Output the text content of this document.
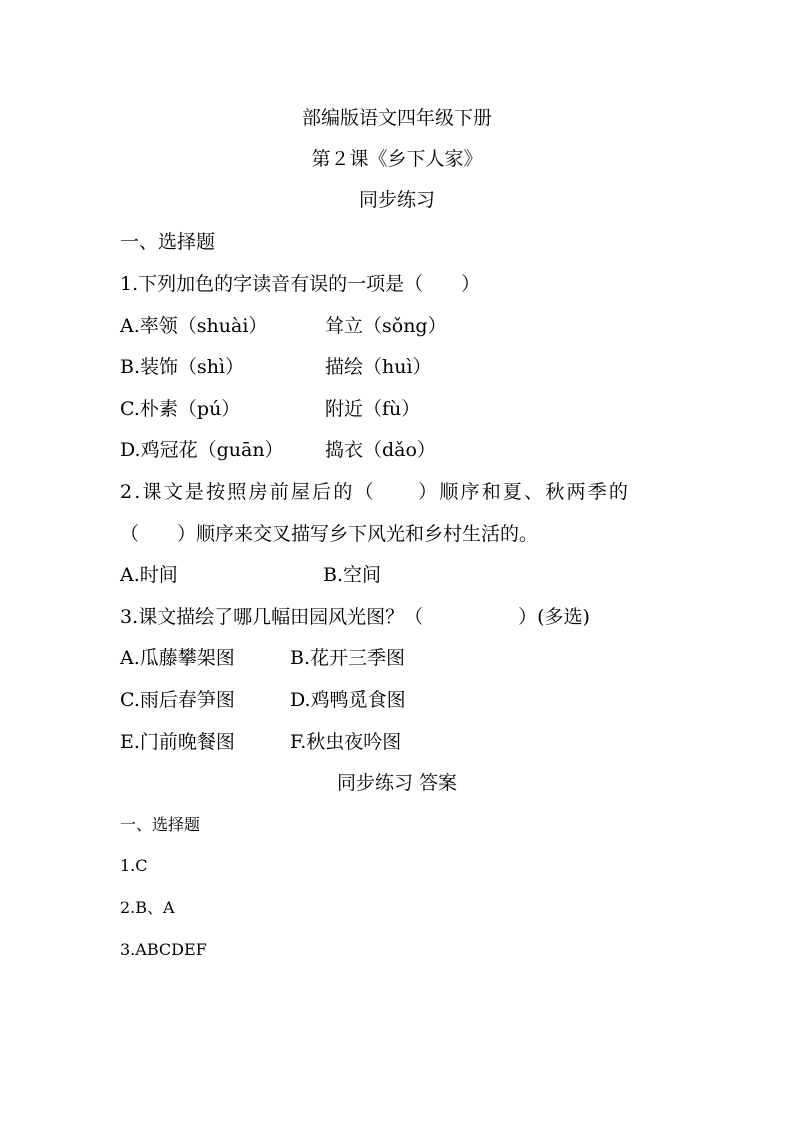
部编版语文四年级下册
第２课《乡下人家》
同步练习
一、选择题
1.下列加色的字读音有误的一项是（　　）
A.率领（shuài）	耸立（sǒng）
B.装饰（shì）	描绘（huì）
C.朴素（pú）	附近（fù）
D.鸡冠花（guān） 捣衣（dǎo）
2.课文是按照房前屋后的（　　）顺序和夏、秋两季的
（　　）顺序来交叉描写乡下风光和乡村生活的。
A.时间	B.空间
3.课文描绘了哪几幅田园风光图？（　　　　　）(多选)
A.瓜藤攀架图	B.花开三季图
C.雨后春笋图	D.鸡鸭觅食图
E.门前晚餐图	F.秋虫夜吟图
同步练习 答案
一、选择题
1.C
2.B、A
3.ABCDEF
